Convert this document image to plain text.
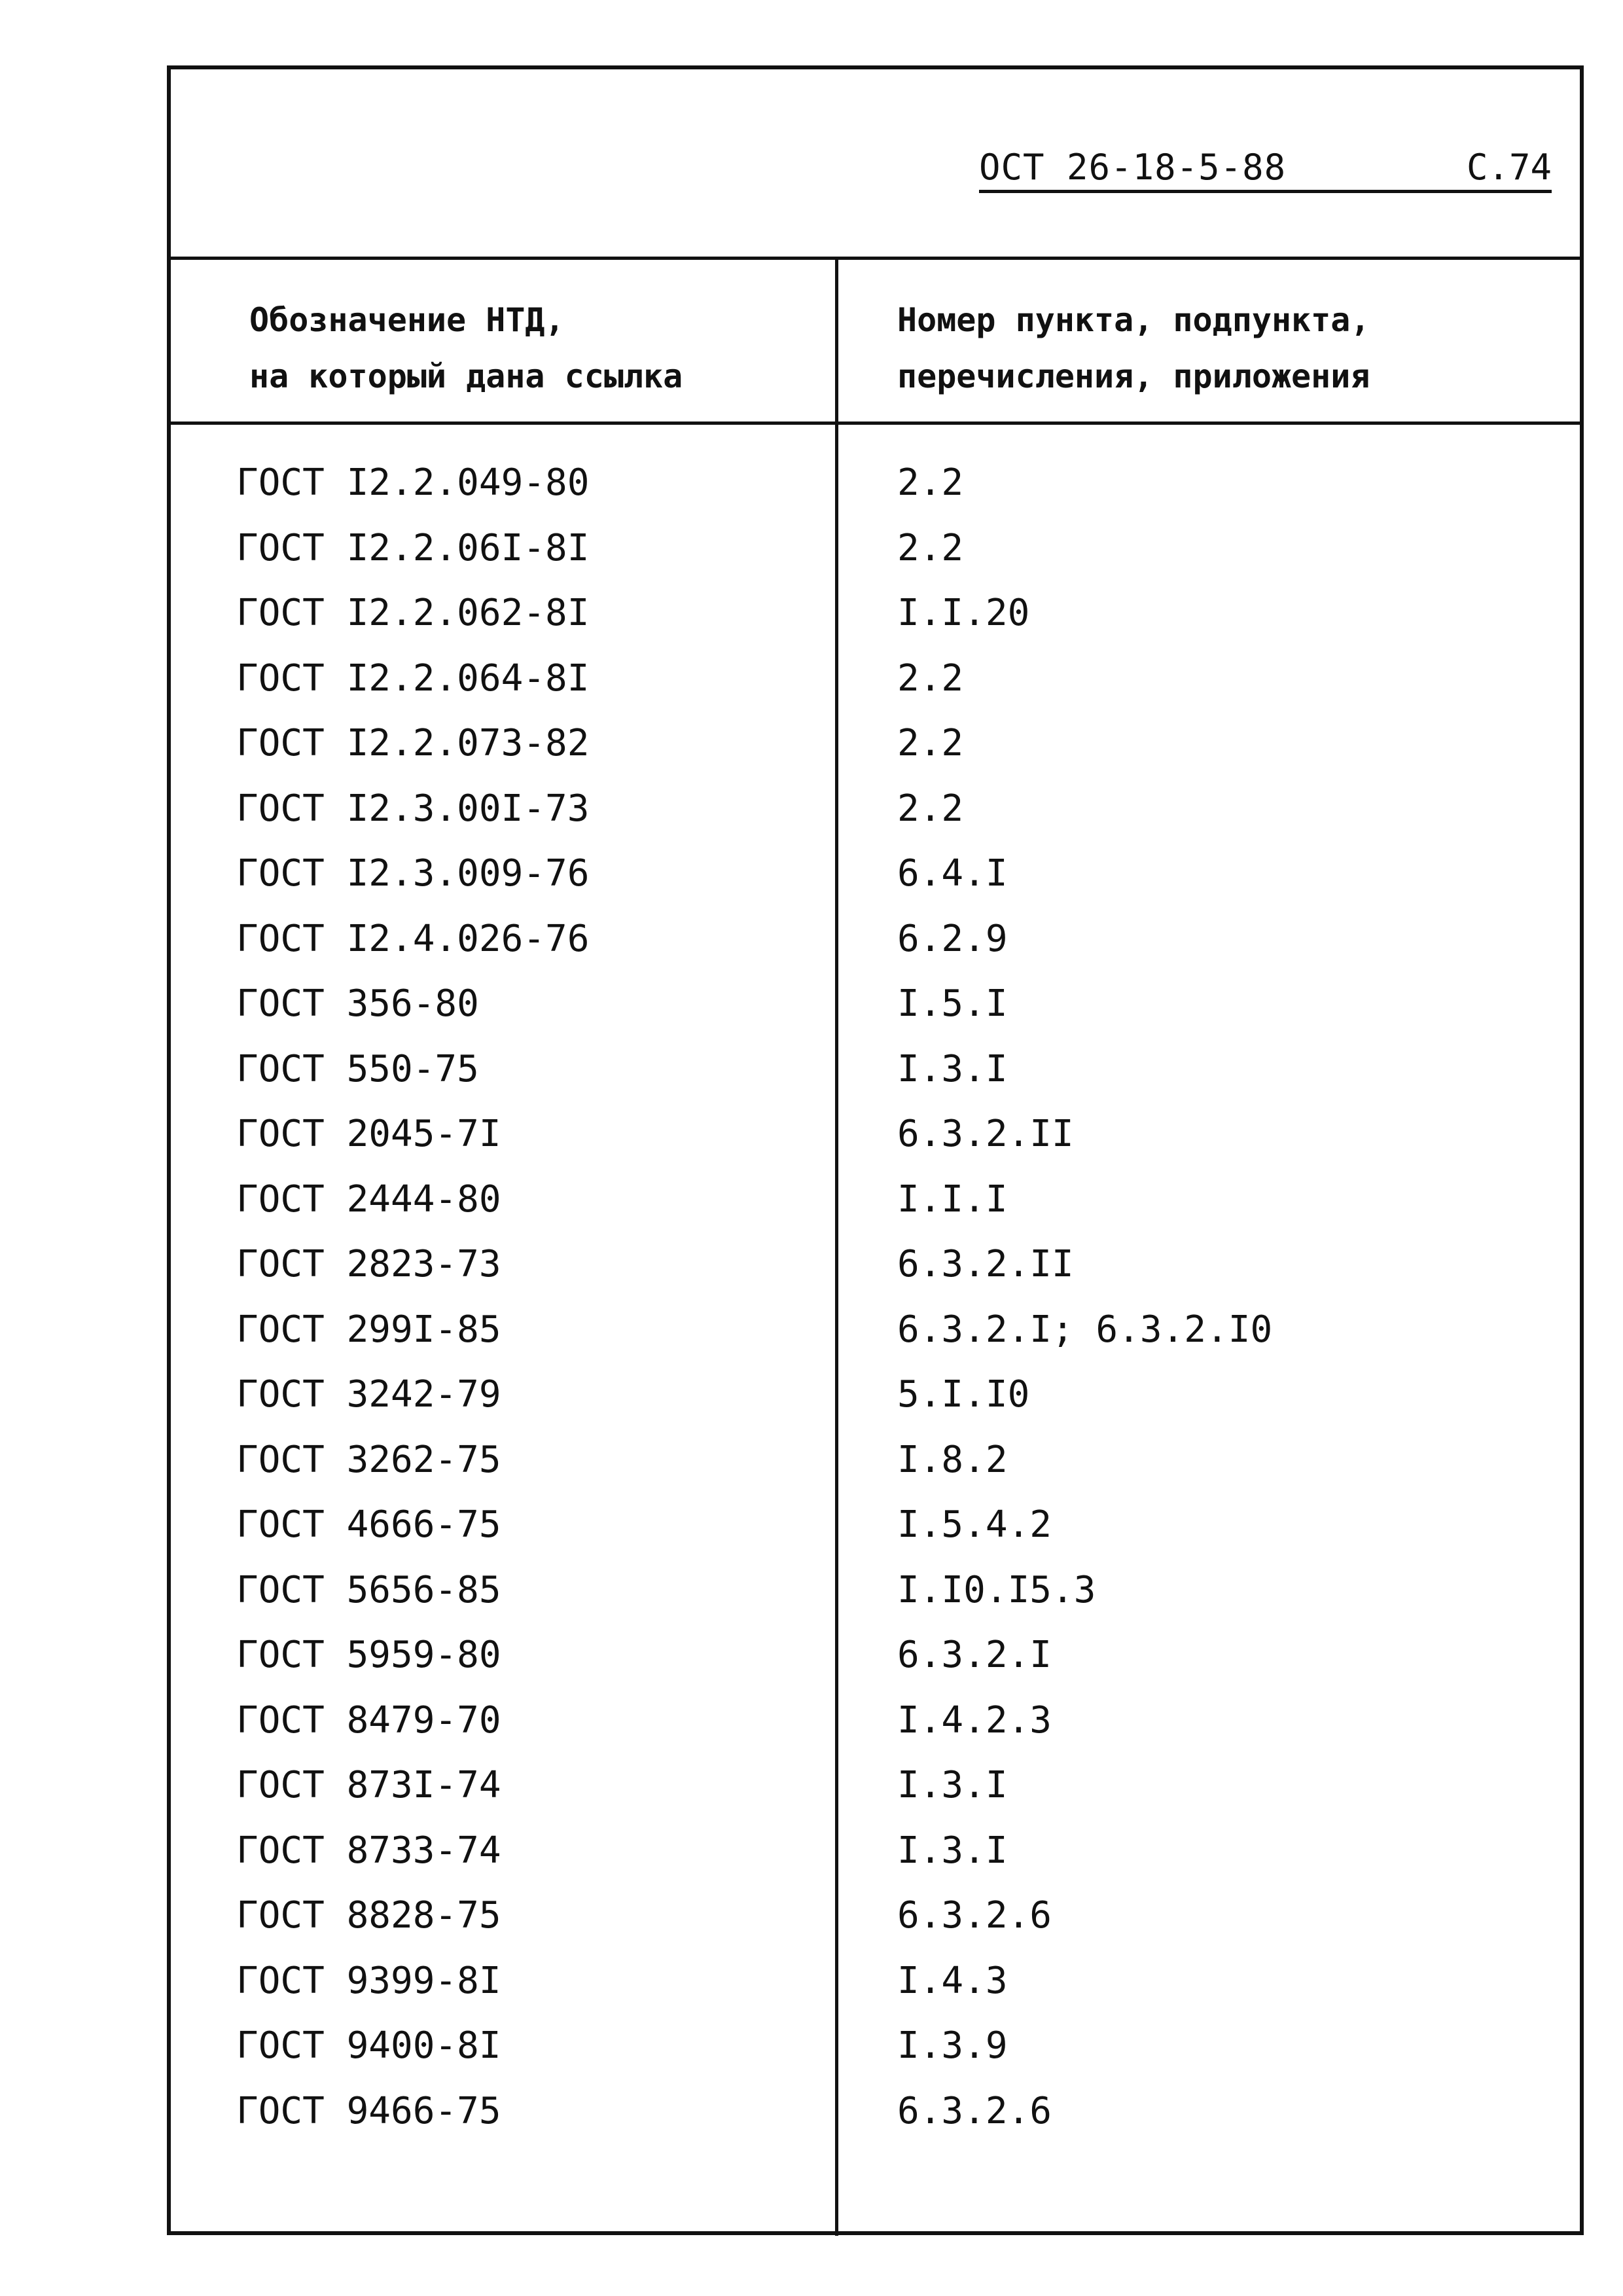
ОСТ 26-18-5-88	С.74
Обозначение НТД,
на который дана ссылка
Номер пункта, подпункта,
перечисления, приложения
ГОСТ I2.2.049-80	2.2
ГОСТ I2.2.06I-8I	2.2
ГОСТ I2.2.062-8I	I.I.20
ГОСТ I2.2.064-8I	2.2
ГОСТ I2.2.073-82	2.2
ГОСТ I2.3.00I-73	2.2
ГОСТ I2.3.009-76	6.4.I
ГОСТ I2.4.026-76	6.2.9
ГОСТ 356-80	I.5.I
ГОСТ 550-75	I.3.I
ГОСТ 2045-7I	6.3.2.II
ГОСТ 2444-80	I.I.I
ГОСТ 2823-73	6.3.2.II
ГОСТ 299I-85	6.3.2.I; 6.3.2.I0
ГОСТ 3242-79	5.I.I0
ГОСТ 3262-75	I.8.2
ГОСТ 4666-75	I.5.4.2
ГОСТ 5656-85	I.I0.I5.3
ГОСТ 5959-80	6.3.2.I
ГОСТ 8479-70	I.4.2.3
ГОСТ 873I-74	I.3.I
ГОСТ 8733-74	I.3.I
ГОСТ 8828-75	6.3.2.6
ГОСТ 9399-8I	I.4.3
ГОСТ 9400-8I	I.3.9
ГОСТ 9466-75	6.3.2.6
